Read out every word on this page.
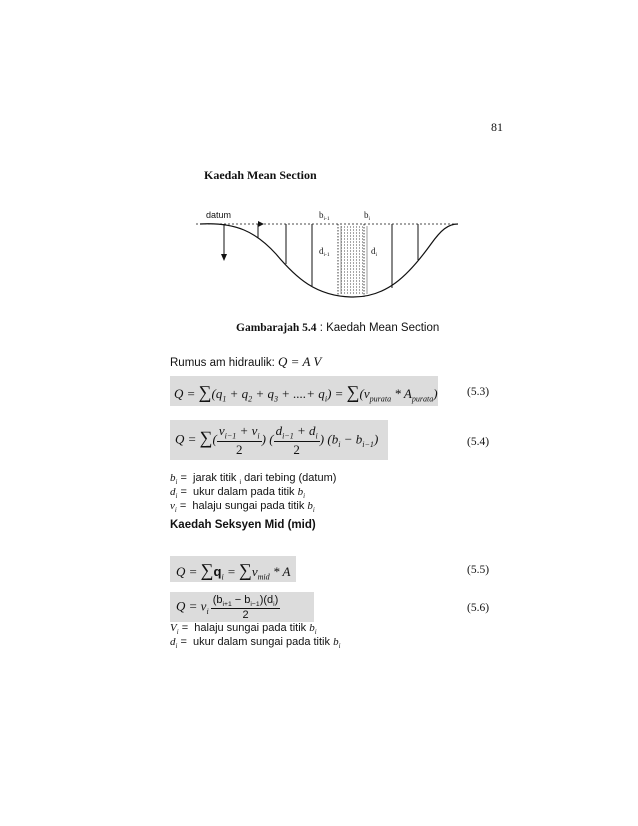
81
Kaedah Mean Section
datum	$b_{i-1}$	$b_i$
$d_{i-1}$	$d_i$
Gambarajah 5.4 : Kaedah Mean Section
Rumus am hidraulik: Q = A V
$Q = \sum(q_1 + q_2 + q_3$ + ....+ $q_i) = \sum(v_{purata} * A_{purata})$	(5.3)
Q = ∑( $\frac{v_{i-1} + v_i}{2}$ ) ( $\frac{d_{i-1} + d_i}{2}$ ) $(b_i - b_{i-1})$	(5.4)
$b_i$ = jarak titik $_i$ dari tebing (datum)
$d_i$ = ukur dalam pada titik $b_i$
$v_i$ = halaju sungai pada titik $b_i$
Kaedah Seksyen Mid (mid)
$Q = \sum q_i = \sum v_{mid} * A$	(5.5)
$Q = v_i \frac{(b_{i+1} - b_{i-1})(d_i)}{2}$	(5.6)
$V_i$ = halaju sungai pada titik $b_i$
$d_i$ = ukur dalam sungai pada titik $b_i$
